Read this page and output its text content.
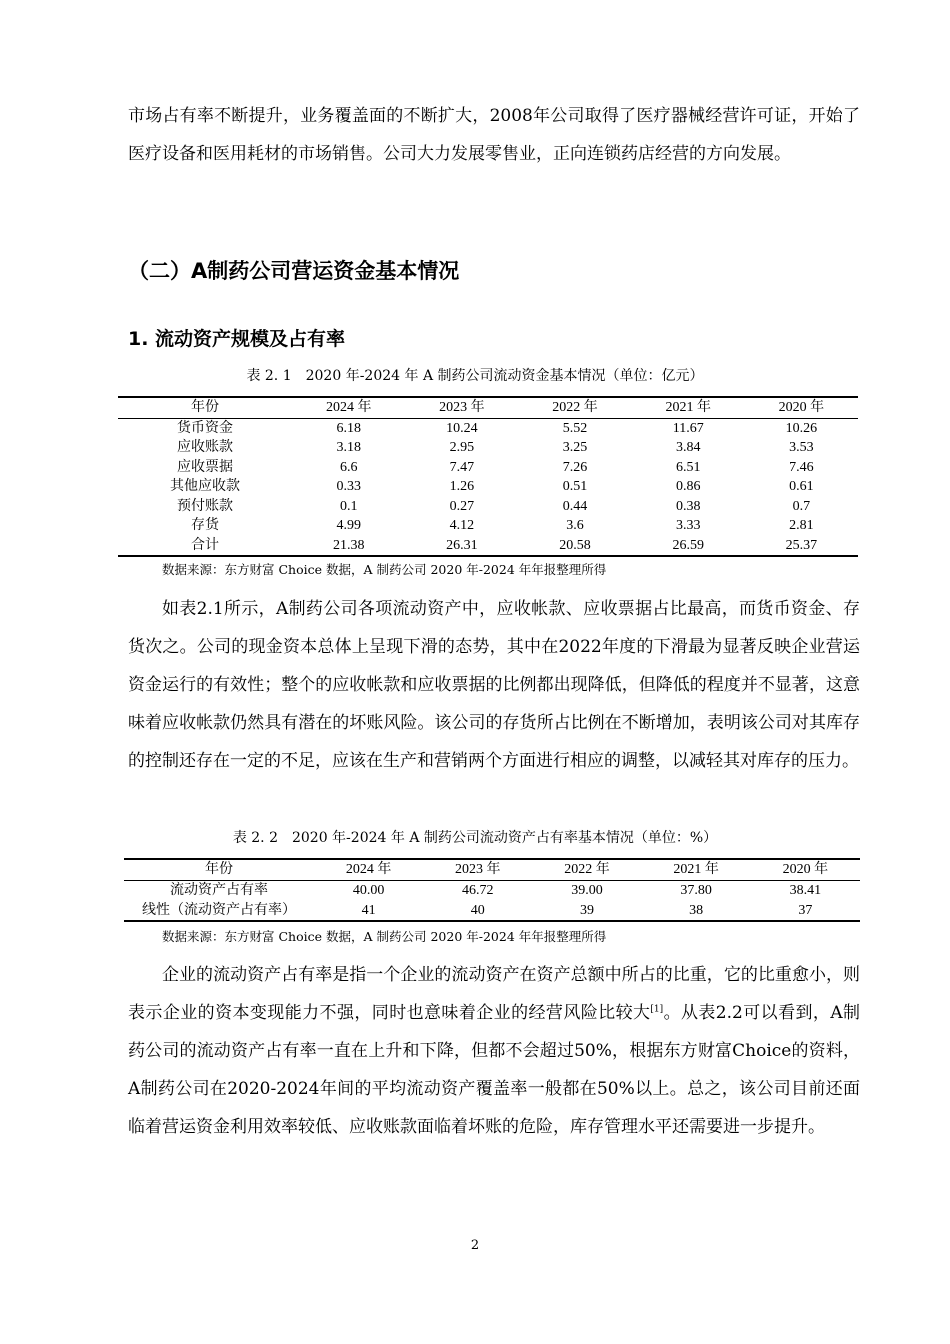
市场占有率不断提升，业务覆盖面的不断扩大，2008年公司取得了医疗器械经营许可证，开始了医疗设备和医用耗材的市场销售。公司大力发展零售业，正向连锁药店经营的方向发展。

（二）A制药公司营运资金基本情况
1. 流动资产规模及占有率

表 2. 1　2020 年-2024 年 A 制药公司流动资金基本情况（单位：亿元）

年份	2024 年	2023 年	2022 年	2021 年	2020 年
货币资金	6.18	10.24	5.52	11.67	10.26
应收账款	3.18	2.95	3.25	3.84	3.53
应收票据	6.6	7.47	7.26	6.51	7.46
其他应收款	0.33	1.26	0.51	0.86	0.61
预付账款	0.1	0.27	0.44	0.38	0.7
存货	4.99	4.12	3.6	3.33	2.81
合计	21.38	26.31	20.58	26.59	25.37

数据来源：东方财富 Choice 数据，A 制药公司 2020 年-2024 年年报整理所得

如表2.1所示，A制药公司各项流动资产中，应收帐款、应收票据占比最高，而货币资金、存货次之。公司的现金资本总体上呈现下滑的态势，其中在2022年度的下滑最为显著反映企业营运资金运行的有效性；整个的应收帐款和应收票据的比例都出现降低，但降低的程度并不显著，这意味着应收帐款仍然具有潜在的坏账风险。该公司的存货所占比例在不断增加，表明该公司对其库存的控制还存在一定的不足，应该在生产和营销两个方面进行相应的调整，以减轻其对库存的压力。

表 2. 2　2020 年-2024 年 A 制药公司流动资产占有率基本情况（单位：%）

年份	2024 年	2023 年	2022 年	2021 年	2020 年
流动资产占有率	40.00	46.72	39.00	37.80	38.41
线性（流动资产占有率）	41	40	39	38	37

数据来源：东方财富 Choice 数据，A 制药公司 2020 年-2024 年年报整理所得

企业的流动资产占有率是指一个企业的流动资产在资产总额中所占的比重，它的比重愈小，则表示企业的资本变现能力不强，同时也意味着企业的经营风险比较大[1]。从表2.2可以看到，A制药公司的流动资产占有率一直在上升和下降，但都不会超过50%，根据东方财富Choice的资料，A制药公司在2020-2024年间的平均流动资产覆盖率一般都在50%以上。总之，该公司目前还面临着营运资金利用效率较低、应收账款面临着坏账的危险，库存管理水平还需要进一步提升。

2
